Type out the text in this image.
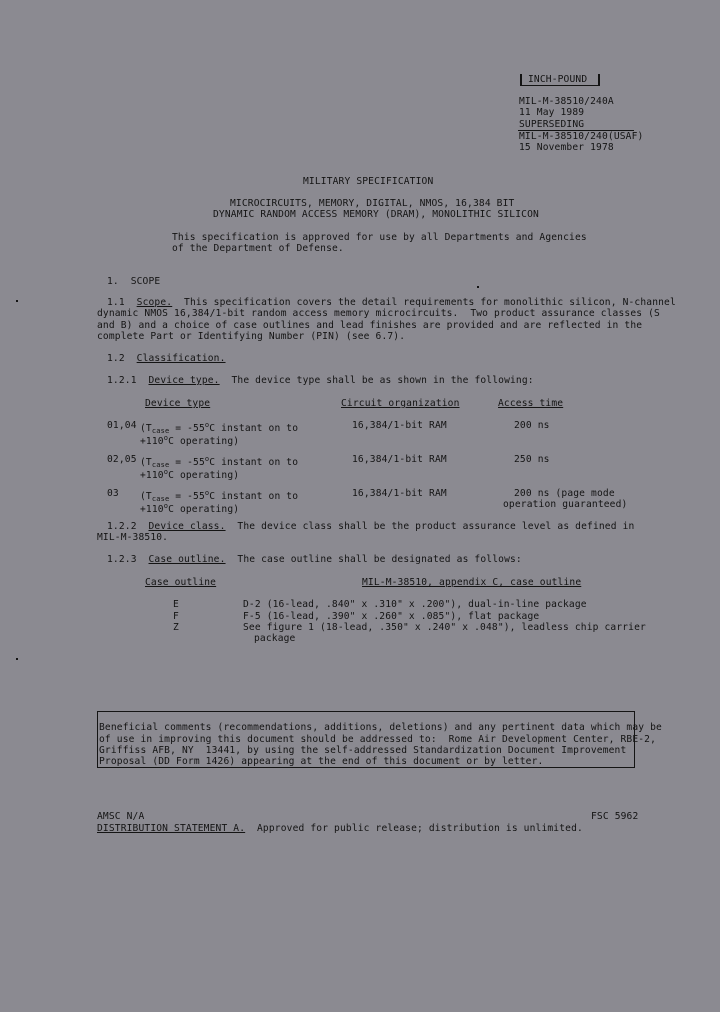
INCH-POUND
MIL-M-38510/240A
11 May 1989
SUPERSEDING
MIL-M-38510/240(USAF)
15 November 1978
MILITARY SPECIFICATION
MICROCIRCUITS, MEMORY, DIGITAL, NMOS, 16,384 BIT
DYNAMIC RANDOM ACCESS MEMORY (DRAM), MONOLITHIC SILICON
This specification is approved for use by all Departments and Agencies
of the Department of Defense.
1.  SCOPE
1.1 Scope.  This specification covers the detail requirements for monolithic silicon, N-channel
dynamic NMOS 16,384/1-bit random access memory microcircuits.  Two product assurance classes (S
and B) and a choice of case outlines and lead finishes are provided and are reflected in the
complete Part or Identifying Number (PIN) (see 6.7).
1.2 Classification.
1.2.1 Device type.  The device type shall be as shown in the following:
Device type	Circuit organization	Access time
01,04 ($T_{case} = -55^oC$ instant on to
$+110^oC$ operating)
16,384/1-bit RAM	200 ns
02,05 ($T_{case} = -55^oC$ instant on to
$+110^oC$ operating)
16,384/1-bit RAM	250 ns
03 ($T_{case} = -55^oC$ instant on to
$+110^oC$ operating)
16,384/1-bit RAM	200 ns (page mode
operation guaranteed)
1.2.2 Device class.  The device class shall be the product assurance level as defined in
MIL-M-38510.
1.2.3 Case outline.  The case outline shall be designated as follows:
Case outline	MIL-M-38510, appendix C, case outline
E	D-2 (16-lead, .840" x .310" x .200"), dual-in-line package
F	F-5 (16-lead, .390" x .260" x .085"), flat package
Z	See figure 1 (18-lead, .350" x .240" x .048"), leadless chip carrier
package
Beneficial comments (recommendations, additions, deletions) and any pertinent data which may be
of use in improving this document should be addressed to:  Rome Air Development Center, RBE-2,
Griffiss AFB, NY  13441, by using the self-addressed Standardization Document Improvement
Proposal (DD Form 1426) appearing at the end of this document or by letter.
AMSC N/A	FSC 5962
DISTRIBUTION STATEMENT A.  Approved for public release; distribution is unlimited.
